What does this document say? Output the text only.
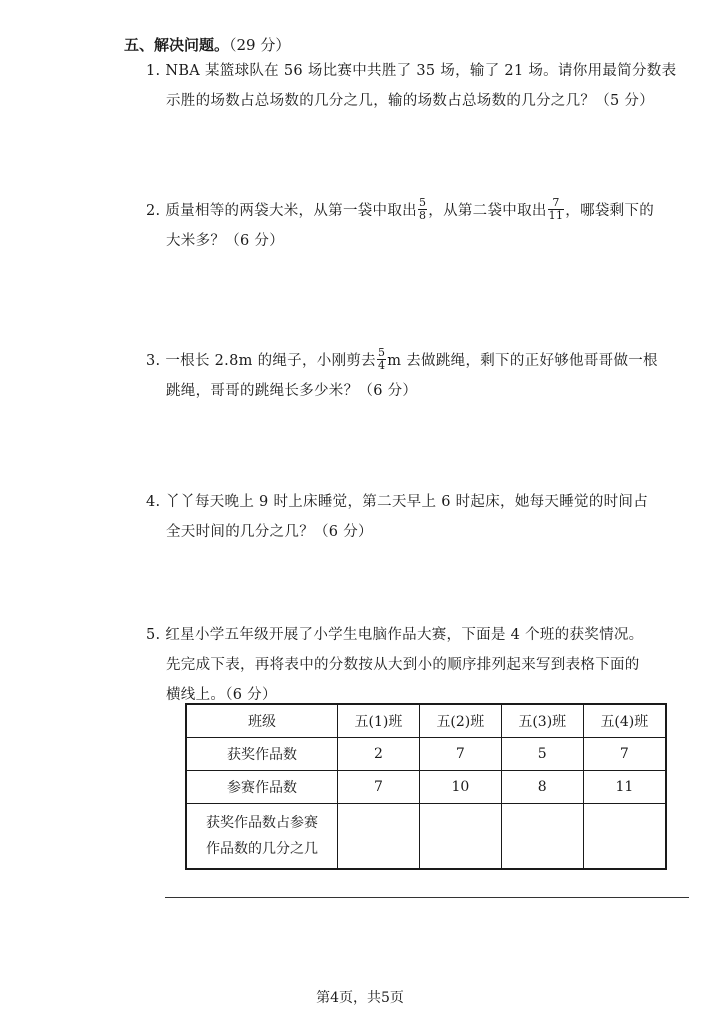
五、解决问题。（29 分）
1. NBA 某篮球队在 56 场比赛中共胜了 35 场，输了 21 场。请你用最简分数表
示胜的场数占总场数的几分之几，输的场数占总场数的几分之几？（5 分）
2. 质量相等的两袋大米，从第一袋中取出 $\frac{5}{8}$ ，从第二袋中取出 $\frac{7}{11}$ ，哪袋剩下的
大米多？（6 分）
3. 一根长 2.8m 的绳子，小刚剪去 $\frac{5}{4}$ m 去做跳绳，剩下的正好够他哥哥做一根
跳绳，哥哥的跳绳长多少米？（6 分）
4. 丫丫每天晚上 9 时上床睡觉，第二天早上 6 时起床，她每天睡觉的时间占
全天时间的几分之几？（6 分）
5. 红星小学五年级开展了小学生电脑作品大赛，下面是 4 个班的获奖情况。
先完成下表，再将表中的分数按从大到小的顺序排列起来写到表格下面的
横线上。（6 分）
班级	五(1)班	五(2)班	五(3)班	五(4)班
获奖作品数	2	7	5	7
参赛作品数	7	10	8	11

获奖作品数占参赛
作品数的几分之几				

第4页，共5页
